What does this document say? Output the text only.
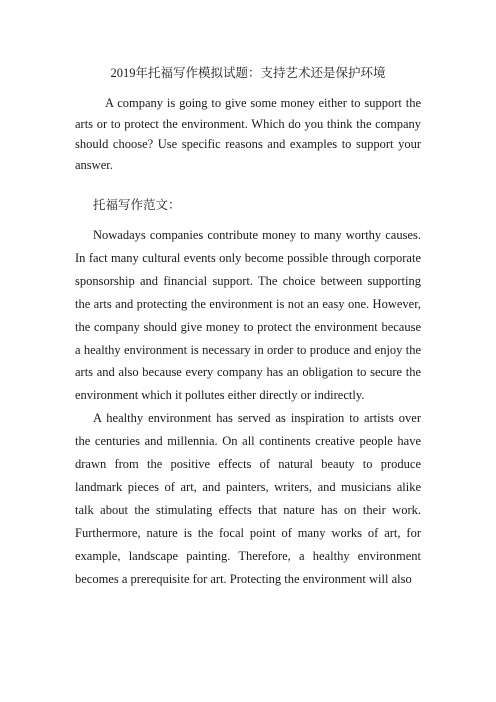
2019年托福写作模拟试题：支持艺术还是保护环境

A company is going to give some money either to support the arts or to protect the environment. Which do you think the company should choose? Use specific reasons and examples to support your answer.

托福写作范文：

Nowadays companies contribute money to many worthy causes. In fact many cultural events only become possible through corporate sponsorship and financial support. The choice between supporting the arts and protecting the environment is not an easy one. However, the company should give money to protect the environment because a healthy environment is necessary in order to produce and enjoy the arts and also because every company has an obligation to secure the environment which it pollutes either directly or indirectly.

A healthy environment has served as inspiration to artists over the centuries and millennia. On all continents creative people have drawn from the positive effects of natural beauty to produce landmark pieces of art, and painters, writers, and musicians alike talk about the stimulating effects that nature has on their work. Furthermore, nature is the focal point of many works of art, for example, landscape painting. Therefore, a healthy environment becomes a prerequisite for art. Protecting the environment will also
